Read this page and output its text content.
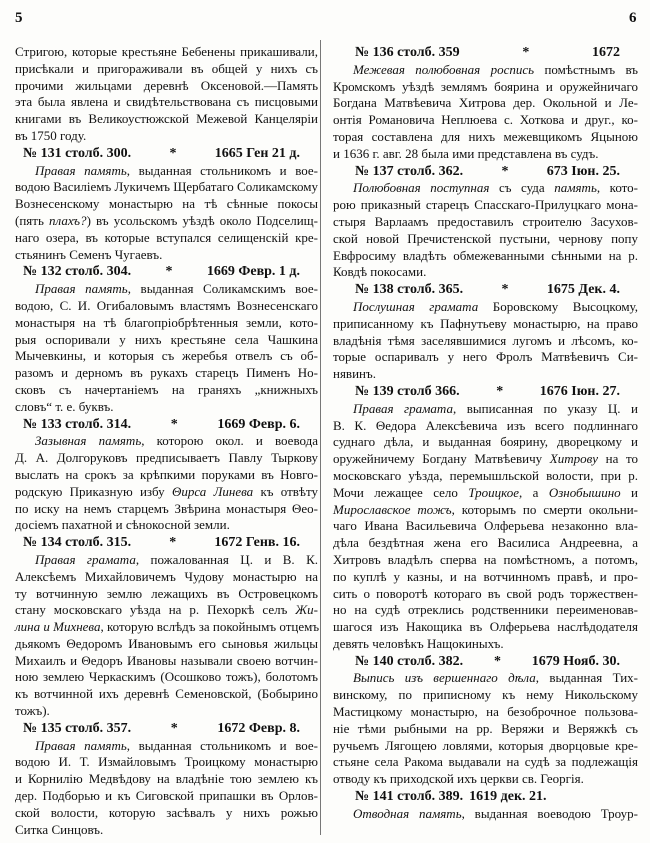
5	6
Стригою, которые крестьяне Бебенены прикашивали,
присѣкали и пригораживали въ общей у нихъ съ
прочими жильцами деревнѣ Оксеновой.—Память
эта была явлена и свидѣтельствована съ писцовыми
книгами въ Великоустюжской Межевой Канцеляріи
въ 1750 году.
№ 131 столб. 300.	*	1665 Ген 21 д.
Правая память, выданная стольникомъ и вое-
водою Василіемъ Лукичемъ Щербатаго Соликамскому
Вознесенскому монастырю на тѣ сѣнные покосы
(пять плахъ?) въ усольскомъ уѣздѣ около Подселищ-
наго озера, въ которые вступался селищенскій кре-
стьянинъ Семенъ Чугаевъ.
№ 132 столб. 304.	*	1669 Февр. 1 д.
Правая память, выданная Соликамскимъ вое-
водою, С. И. Огибаловымъ властямъ Вознесенскаго
монастыря на тѣ благопріобрѣтенныя земли, кото-
рыя оспоривали у нихъ крестьяне села Чашкина
Мычевкины, и которыя съ жеребья отвелъ съ об-
разомъ и дерномъ въ рукахъ старецъ Пименъ Но-
сковъ съ начертаніемъ на граняхъ „книжныхъ
словъ“ т. е. буквъ.
№ 133 столб. 314.	*	1669 Февр. 6.
Зазывная память, которою окол. и воевода
Д. А. Долгоруковъ предписываетъ Павлу Тыркову
выслать на срокъ за крѣпкими поруками въ Новго-
родскую Приказную избу Θирса Линева къ отвѣту
по иску на немъ старцемъ Звѣрина монастыря Θео-
досіемъ пахатной и сѣнокосной земли.
№ 134 столб. 315.	*	1672 Генв. 16.
Правая грамата, пожалованная Ц. и В. К.
Алексѣемъ Михайловичемъ Чудову монастырю на
ту вотчинную землю лежащихъ въ Островецкомъ
стану московскаго уѣзда на р. Пехоркѣ селъ Жи-
лина и Михнева, которую вслѣдъ за покойнымъ отцемъ
дьякомъ Θедоромъ Ивановымъ его сыновья жильцы
Михаилъ и Θедоръ Ивановы называли своею вотчин-
ною землею Черкаскимъ (Осошково тожъ), болотомъ
къ вотчинной ихъ деревнѣ Семеновской, (Бобырино
тожъ).
№ 135 столб. 357.	*	1672 Февр. 8.
Правая память, выданная стольникомъ и вое-
водою И. Т. Измайловымъ Троицкому монастырю
и Корнилію Медвѣдову на владѣніе тою землею къ
дер. Подборью и къ Сиговской припашки въ Орлов-
ской волости, которую засѣвалъ у нихъ рожью
Ситка Синцовъ.
№ 136 столб. 359	*	1672
Межевая полюбовная роспись помѣстнымъ въ
Кромскомъ уѣздѣ землямъ боярина и оружейничаго
Богдана Матвѣевича Хитрова дер. Окольной и Ле-
онтія Романовича Неплюева с. Хоткова и друг., ко-
торая составлена для нихъ межевщикомъ Яцыною
и 1636 г. авг. 28 была ими представлена въ судъ.
№ 137 столб. 362.	*	673 Іюн. 25.
Полюбовная поступная съ суда память, кото-
рою приказный старецъ Спасскаго-Прилуцкаго мона-
стыря Варлаамъ предоставилъ строителю Засухов-
ской новой Пречистенской пустыни, чернову попу
Евфросиму владѣть обмежеванными сѣнными на р.
Ковдѣ покосами.
№ 138 столб. 365.	*	1675 Дек. 4.
Послушная грамата Боровскому Высоцкому,
приписанному къ Пафнутьеву монастырю, на право
владѣнія тѣмя заселявшимися лугомъ и лѣсомъ, ко-
торые оспаривалъ у него Фролъ Матвѣевичъ Си-
нявинъ.
№ 139 столб 366.	*	1676 Іюн. 27.
Правая грамата, выписанная по указу Ц. и
В. К. Θедора Алексѣевича изъ всего подлиннаго
суднаго дѣла, и выданная боярину, дворецкому и
оружейничему Богдану Матвѣевичу Хитрову на то
московскаго уѣзда, перемышльской волости, при р.
Мочи лежащее село Троицкое, а Ознобышино и
Мирославское тожъ, которымъ по смерти окольни-
чаго Ивана Васильевича Олферьева незаконно вла-
дѣла бездѣтная жена его Василиса Андреевна, а
Хитровъ владѣлъ сперва на помѣстномъ, а потомъ,
по куплѣ у казны, и на вотчинномъ правѣ, и про-
сить о поворотѣ котораго въ свой родъ торжествен-
но на судѣ отреклись родственники переименовав-
шагося изъ Накощика въ Олферьева наслѣдодателя
девять человѣкъ Нащокиныхъ.
№ 140 столб. 382.	*	1679 Нояб. 30.
Выпись изъ вершеннаго дѣла, выданная Тих-
винскому, по приписному къ нему Никольскому
Мастицкому монастырю, на безоброчное пользова-
ніе тѣми рыбными на рр. Веряжи и Веряжкѣ съ
ручьемъ Лягощею ловлями, которыя дворцовые кре-
стьяне села Ракома выдавали на судѣ за подлежащія
отводу къ приходской ихъ церкви св. Георгія.
№ 141 столб. 389. 1619 дек. 21.
Отводная память, выданная воеводою Троур-
